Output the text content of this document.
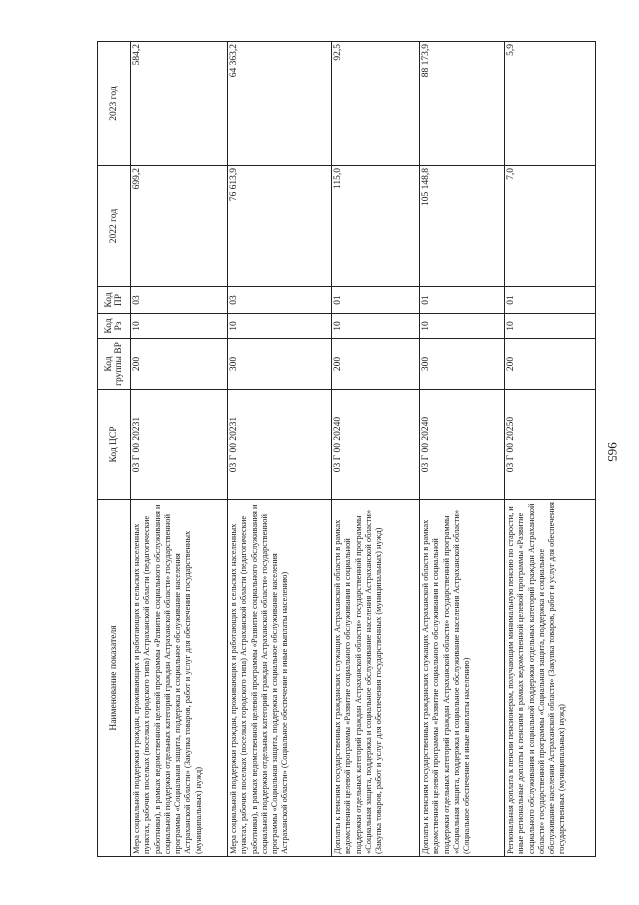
965
Наименование показателя	Код ЦСР	Код группы ВР	Код Рз	Код ПР	2022 год	2023 год
Мера социальной поддержки граждан, проживающих и работающих в сельских населенных пунктах, рабочих поселках (поселках городского типа) Астраханской области (педагогические работники), в рамках ведомственной целевой программы «Развитие социального обслуживания и социальной поддержки отдельных категорий граждан Астраханской области» государственной программы «Социальная защита, поддержка и социальное обслуживание населения Астраханской области» (Закупка товаров, работ и услуг для обеспечения государственных (муниципальных) нужд)	03 Г 00 20231	200	10	03	699,2	584,2
Мера социальной поддержки граждан, проживающих и работающих в сельских населенных пунктах, рабочих поселках (поселках городского типа) Астраханской области (педагогические работники), в рамках ведомственной целевой программы «Развитие социального обслуживания и социальной поддержки отдельных категорий граждан Астраханской области» государственной программы «Социальная защита, поддержка и социальное обслуживание населения Астраханской области» (Социальное обеспечение и иные выплаты населению)	03 Г 00 20231	300	10	03	76 613,9	64 363,2
Доплаты к пенсиям государственных гражданских служащих Астраханской области в рамках ведомственной целевой программы «Развитие социального обслуживания и социальной поддержки отдельных категорий граждан Астраханской области» государственной программы «Социальная защита, поддержка и социальное обслуживание населения Астраханской области» (Закупка товаров, работ и услуг для обеспечения государственных (муниципальных) нужд)	03 Г 00 20240	200	10	01	115,0	92,5
Доплаты к пенсиям государственных гражданских служащих Астраханской области в рамках ведомственной целевой программы «Развитие социального обслуживания и социальной поддержки отдельных категорий граждан Астраханской области» государственной программы «Социальная защита, поддержка и социальное обслуживание населения Астраханской области» (Социальное обеспечение и иные выплаты населению)	03 Г 00 20240	300	10	01	105 148,8	88 173,9
Региональная доплата к пенсии пенсионерам, получающим минимальную пенсию по старости, и иные региональные доплаты к пенсиям в рамках ведомственной целевой программы «Развитие социального обслуживания и социальной поддержки отдельных категорий граждан Астраханской области» государственной программы «Социальная защита, поддержка и социальное обслуживание населения Астраханской области» (Закупка товаров, работ и услуг для обеспечения государственных (муниципальных) нужд)	03 Г 00 20250	200	10	01	7,0	5,9
